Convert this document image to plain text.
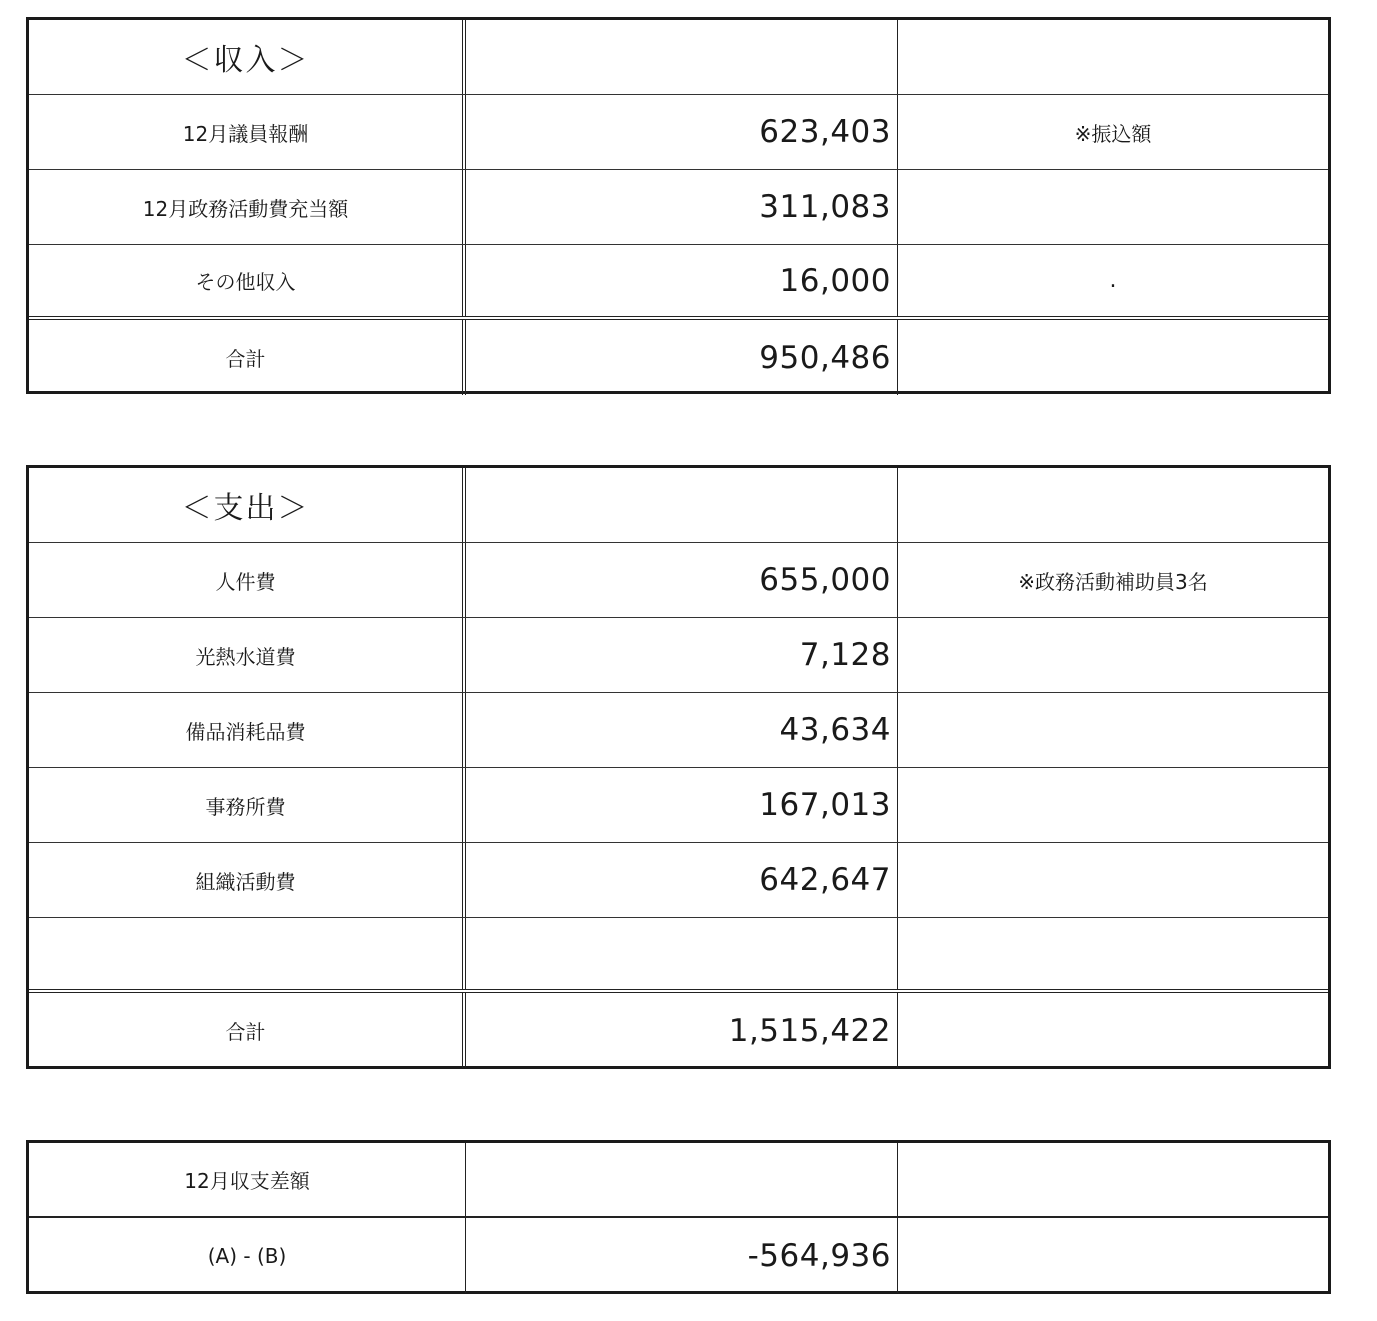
＜収入＞
12月議員報酬	623,403	※振込額
12月政務活動費充当額	311,083
その他収入	16,000	.
合計	950,486
＜支出＞
人件費	655,000	※政務活動補助員3名
光熱水道費	7,128
備品消耗品費	43,634
事務所費	167,013
組織活動費	642,647
合計	1,515,422
12月収支差額
(A) - (B)	-564,936
